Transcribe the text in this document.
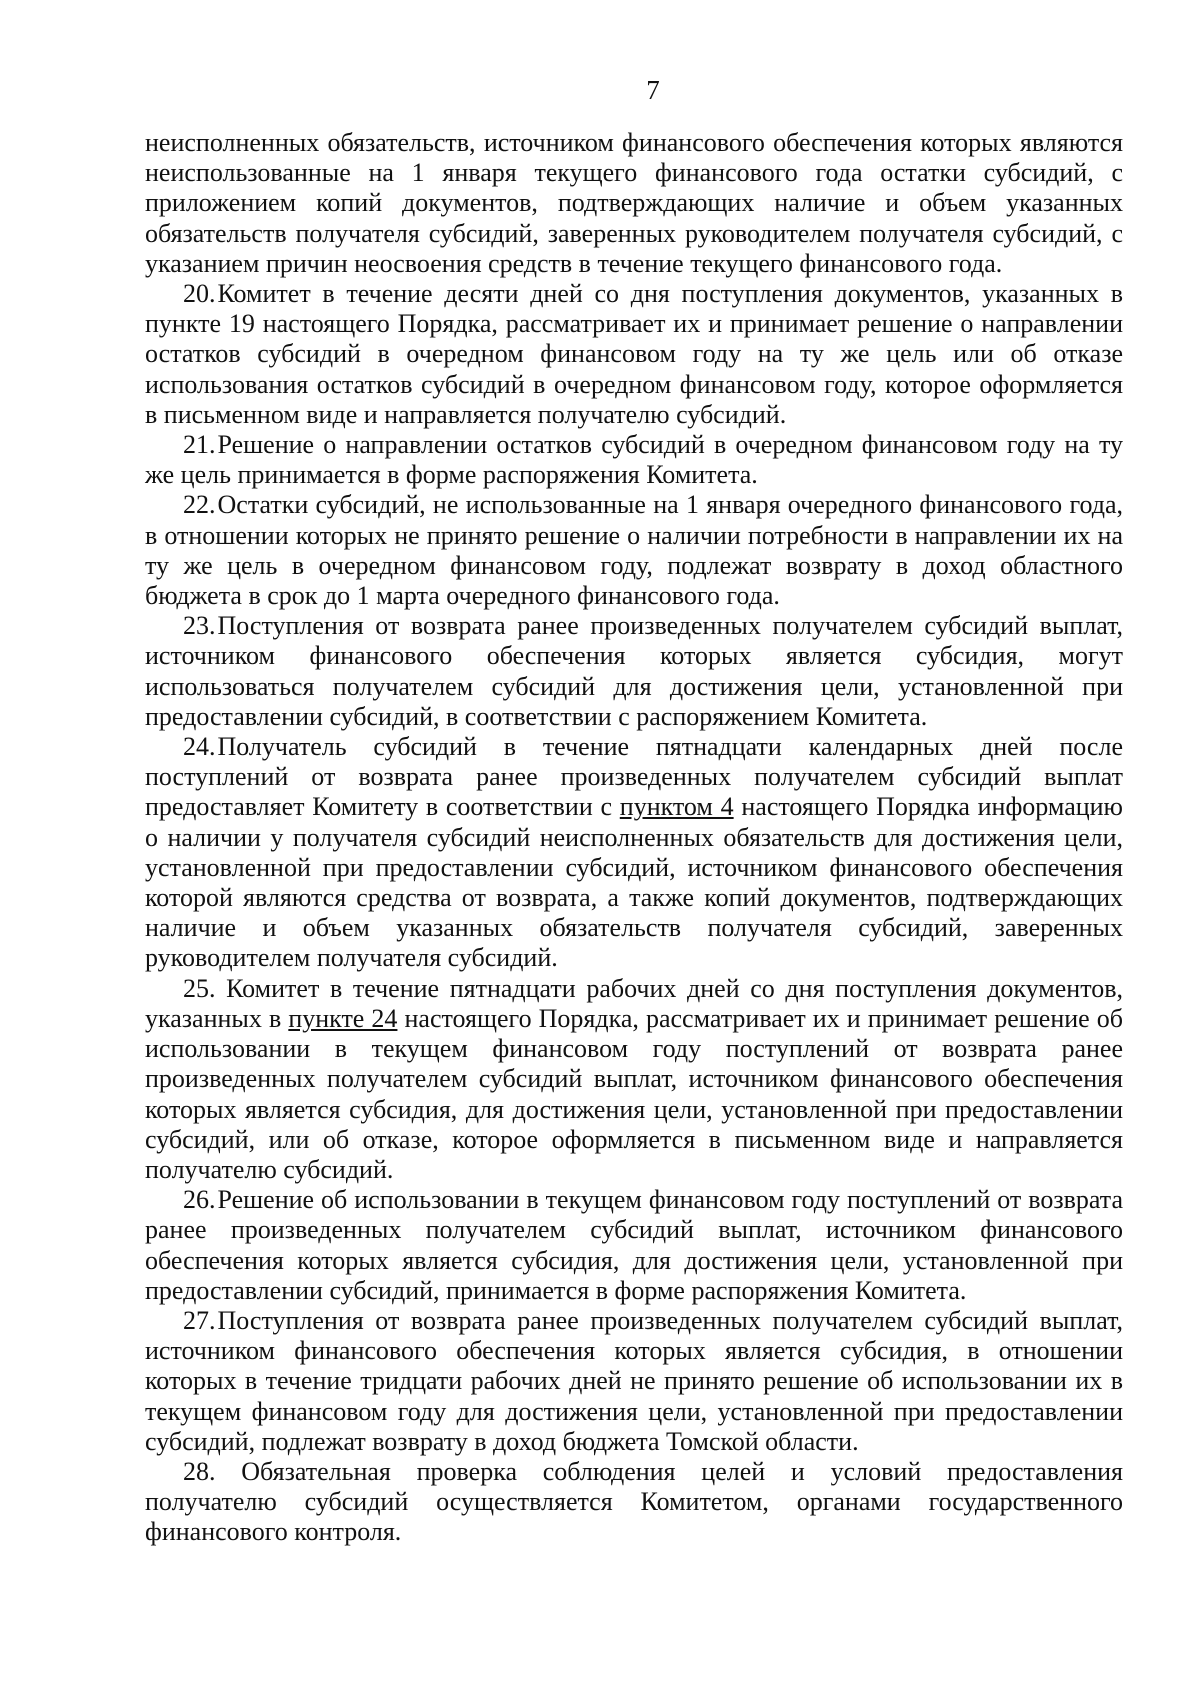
7

неисполненных обязательств, источником финансового обеспечения которых являются неиспользованные на 1 января текущего финансового года остатки субсидий, с приложением копий документов, подтверждающих наличие и объем указанных обязательств получателя субсидий, заверенных руководителем получателя субсидий, с указанием причин неосвоения средств в течение текущего финансового года.

20.Комитет в течение десяти дней со дня поступления документов, указанных в пункте 19 настоящего Порядка, рассматривает их и принимает решение о направлении остатков субсидий в очередном финансовом году на ту же цель или об отказе использования остатков субсидий в очередном финансовом году, которое оформляется в письменном виде и направляется получателю субсидий.

21.Решение о направлении остатков субсидий в очередном финансовом году на ту же цель принимается в форме распоряжения Комитета.

22.Остатки субсидий, не использованные на 1 января очередного финансового года, в отношении которых не принято решение о наличии потребности в направлении их на ту же цель в очередном финансовом году, подлежат возврату в доход областного бюджета в срок до 1 марта очередного финансового года.

23.Поступления от возврата ранее произведенных получателем субсидий выплат, источником финансового обеспечения которых является субсидия, могут использоваться получателем субсидий для достижения цели, установленной при предоставлении субсидий, в соответствии с распоряжением Комитета.

24.Получатель субсидий в течение пятнадцати календарных дней после поступлений от возврата ранее произведенных получателем субсидий выплат предоставляет Комитету в соответствии с пунктом 4 настоящего Порядка информацию о наличии у получателя субсидий неисполненных обязательств для достижения цели, установленной при предоставлении субсидий, источником финансового обеспечения которой являются средства от возврата, а также копий документов, подтверждающих наличие и объем указанных обязательств получателя субсидий, заверенных руководителем получателя субсидий.

25. Комитет в течение пятнадцати рабочих дней со дня поступления документов, указанных в пункте 24 настоящего Порядка, рассматривает их и принимает решение об использовании в текущем финансовом году поступлений от возврата ранее произведенных получателем субсидий выплат, источником финансового обеспечения которых является субсидия, для достижения цели, установленной при предоставлении субсидий, или об отказе, которое оформляется в письменном виде и направляется получателю субсидий.

26.Решение об использовании в текущем финансовом году поступлений от возврата ранее произведенных получателем субсидий выплат, источником финансового обеспечения которых является субсидия, для достижения цели, установленной при предоставлении субсидий, принимается в форме распоряжения Комитета.

27.Поступления от возврата ранее произведенных получателем субсидий выплат, источником финансового обеспечения которых является субсидия, в отношении которых в течение тридцати рабочих дней не принято решение об использовании их в текущем финансовом году для достижения цели, установленной при предоставлении субсидий, подлежат возврату в доход бюджета Томской области.

28. Обязательная проверка соблюдения целей и условий предоставления получателю субсидий осуществляется Комитетом, органами государственного финансового контроля.
